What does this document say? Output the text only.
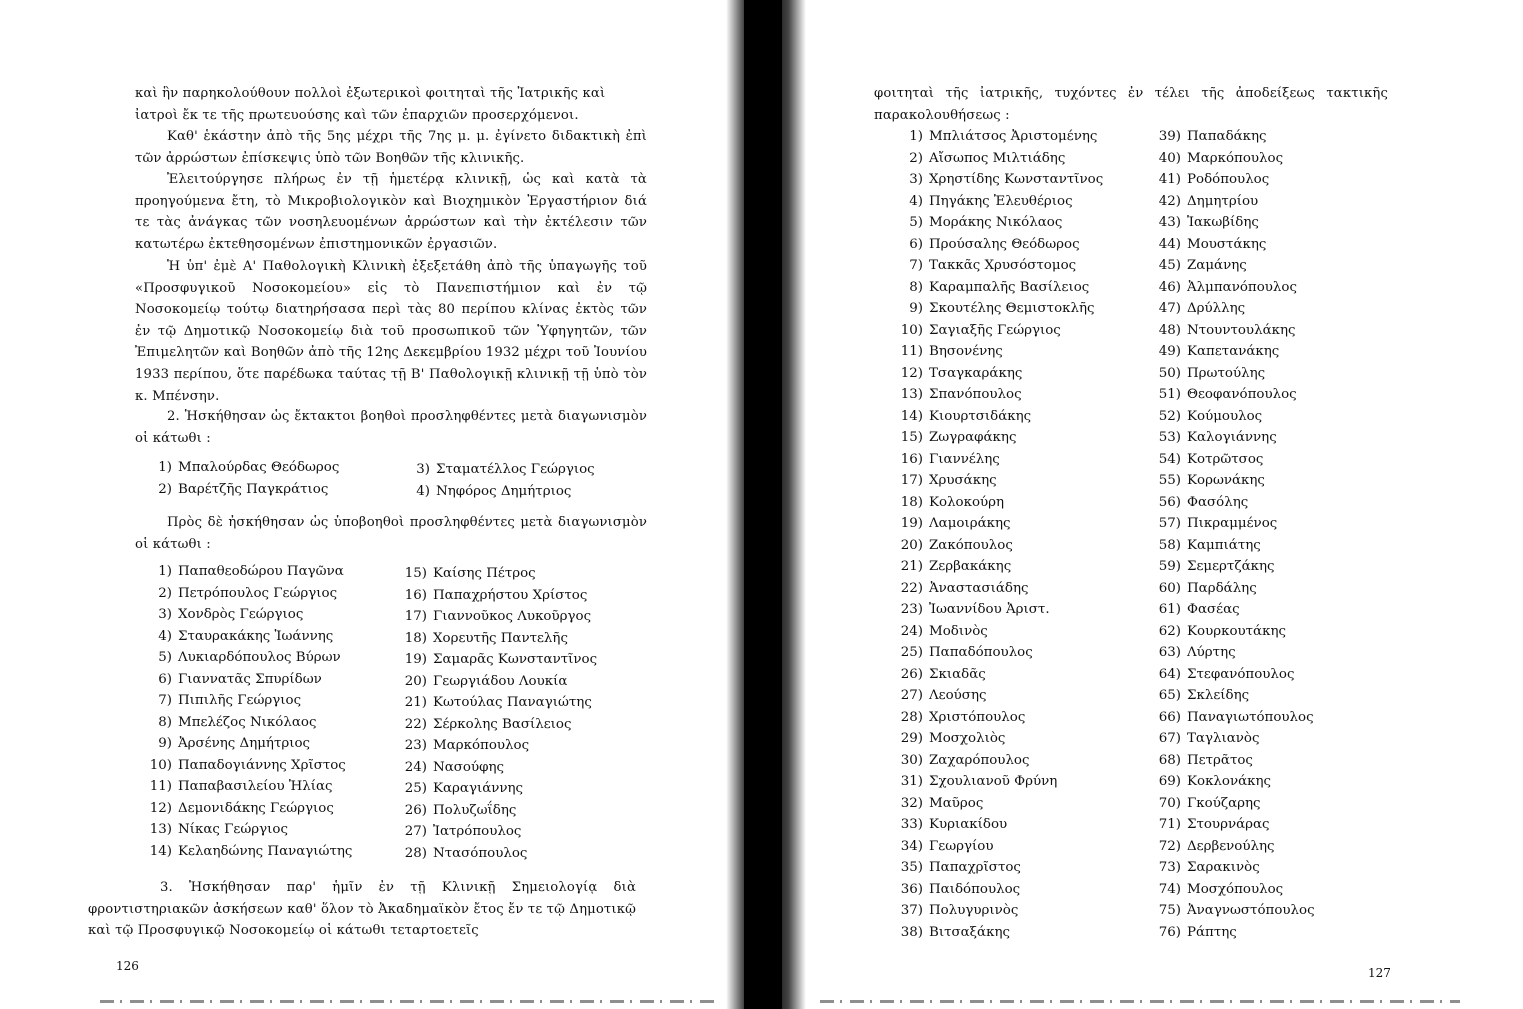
καὶ ἣν παρηκολούθουν πολλοὶ ἐξωτερικοὶ φοιτηταὶ τῆς Ἰατρικῆς καὶ
ἰατροὶ ἔκ τε τῆς πρωτευούσης καὶ τῶν ἐπαρχιῶν προσερχόμενοι.

Καθ' ἑκάστην ἀπὸ τῆς 5ης μέχρι τῆς 7ης μ. μ. ἐγίνετο διδακτικὴ ἐπὶ τῶν ἀρρώστων ἐπίσκεψις ὑπὸ τῶν Βοηθῶν τῆς κλινικῆς.

Ἐλειτούργησε πλήρως ἐν τῇ ἡμετέρᾳ κλινικῇ, ὡς καὶ κατὰ τὰ προηγούμενα ἔτη, τὸ Μικροβιολογικὸν καὶ Βιοχημικὸν Ἐργαστήριον διά τε τὰς ἀνάγκας τῶν νοσηλευομένων ἀρρώστων καὶ τὴν ἐκτέλεσιν τῶν κατωτέρω ἐκτεθησομένων ἐπιστημονικῶν ἐργασιῶν.

Ἡ ὑπ' ἐμὲ Α' Παθολογικὴ Κλινικὴ ἐξεξετάθη ἀπὸ τῆς ὑπαγωγῆς τοῦ «Προσφυγικοῦ Νοσοκομείου» εἰς τὸ Πανεπιστήμιον καὶ ἐν τῷ Νοσοκομείῳ τούτῳ διατηρήσασα περὶ τὰς 80 περίπου κλίνας ἐκτὸς τῶν ἐν τῷ Δημοτικῷ Νοσοκομείῳ διὰ τοῦ προσωπικοῦ τῶν Ὑφηγητῶν, τῶν Ἐπιμελητῶν καὶ Βοηθῶν ἀπὸ τῆς 12ης Δεκεμβρίου 1932 μέχρι τοῦ Ἰουνίου 1933 περίπου, ὅτε παρέδωκα ταύτας τῇ Β' Παθολογικῇ κλινικῇ τῇ ὑπὸ τὸν κ. Μπένσην.

2. Ἠσκήθησαν ὡς ἔκτακτοι βοηθοὶ προσληφθέντες μετὰ διαγωνισμὸν οἱ κάτωθι :

1) Μπαλούρδας Θεόδωρος
2) Βαρέτζῆς Παγκράτιος
3) Σταματέλλος Γεώργιος
4) Νηφόρος Δημήτριος

Πρὸς δὲ ἠσκήθησαν ὡς ὑποβοηθοὶ προσληφθέντες μετὰ διαγωνισμὸν οἱ κάτωθι :

1) Παπαθεοδώρου Παγῶνα
2) Πετρόπουλος Γεώργιος
3) Χονδρὸς Γεώργιος
4) Σταυρακάκης Ἰωάννης
5) Λυκιαρδόπουλος Βύρων
6) Γιαννατᾶς Σπυρίδων
7) Πιπιλῆς Γεώργιος
8) Μπελέζος Νικόλαος
9) Ἀρσένης Δημήτριος
10) Παπαδογιάννης Χρῖστος
11) Παπαβασιλείου Ἠλίας
12) Δεμονιδάκης Γεώργιος
13) Νίκας Γεώργιος
14) Κελαηδώνης Παναγιώτης
15) Καίσης Πέτρος
16) Παπαχρήστου Χρίστος
17) Γιαννοῦκος Λυκοῦργος
18) Χορευτῆς Παντελῆς
19) Σαμαρᾶς Κωνσταντῖνος
20) Γεωργιάδου Λουκία
21) Κωτούλας Παναγιώτης
22) Σέρκολης Βασίλειος
23) Μαρκόπουλος
24) Νασούφης
25) Καραγιάννης
26) Πολυζωΐδης
27) Ἰατρόπουλος
28) Ντασόπουλος

3. Ἠσκήθησαν παρ' ἡμῖν ἐν τῇ Κλινικῇ Σημειολογίᾳ διὰ φροντιστηριακῶν ἀσκήσεων καθ' ὅλον τὸ Ἀκαδημαϊκὸν ἔτος ἔν τε τῷ Δημοτικῷ καὶ τῷ Προσφυγικῷ Νοσοκομείῳ οἱ κάτωθι τεταρτοετεῖς

126

φοιτηταὶ τῆς ἰατρικῆς, τυχόντες ἐν τέλει τῆς ἀποδείξεως τακτικῆς παρακολουθήσεως :

1) Μπλιάτσος Ἀριστομένης
2) Αἴσωπος Μιλτιάδης
3) Χρηστίδης Κωνσταντῖνος
4) Πηγάκης Ἐλευθέριος
5) Μοράκης Νικόλαος
6) Προύσαλης Θεόδωρος
7) Τακκᾶς Χρυσόστομος
8) Καραμπαλῆς Βασίλειος
9) Σκουτέλης Θεμιστοκλῆς
10) Σαγιαξῆς Γεώργιος
11) Βησονένης
12) Τσαγκαράκης
13) Σπανόπουλος
14) Κιουρτσιδάκης
15) Ζωγραφάκης
16) Γιαννέλης
17) Χρυσάκης
18) Κολοκούρη
19) Λαμοιράκης
20) Ζακόπουλος
21) Ζερβακάκης
22) Ἀναστασιάδης
23) Ἰωαννίδου Ἀριστ.
24) Μοδινὸς
25) Παπαδόπουλος
26) Σκιαδᾶς
27) Λεούσης
28) Χριστόπουλος
29) Μοσχολιὸς
30) Ζαχαρόπουλος
31) Σχουλιανοῦ Φρύνη
32) Μαῦρος
33) Κυριακίδου
34) Γεωργίου
35) Παπαχρῖστος
36) Παιδόπουλος
37) Πολυγυρινὸς
38) Βιτσαξάκης
39) Παπαδάκης
40) Μαρκόπουλος
41) Ροδόπουλος
42) Δημητρίου
43) Ἰακωβίδης
44) Μουστάκης
45) Ζαμάνης
46) Ἀλμπανόπουλος
47) Δρύλλης
48) Ντουντουλάκης
49) Καπετανάκης
50) Πρωτούλης
51) Θεοφανόπουλος
52) Κούμουλος
53) Καλογιάννης
54) Κοτρῶτσος
55) Κορωνάκης
56) Φασόλης
57) Πικραμμένος
58) Καμπιάτης
59) Σεμερτζάκης
60) Παρδάλης
61) Φασέας
62) Κουρκουτάκης
63) Λύρτης
64) Στεφανόπουλος
65) Σκλείδης
66) Παναγιωτόπουλος
67) Ταγλιανὸς
68) Πετρᾶτος
69) Κοκλονάκης
70) Γκούζαρης
71) Στουρνάρας
72) Δερβενούλης
73) Σαρακινὸς
74) Μοσχόπουλος
75) Ἀναγνωστόπουλος
76) Ράπτης
127
